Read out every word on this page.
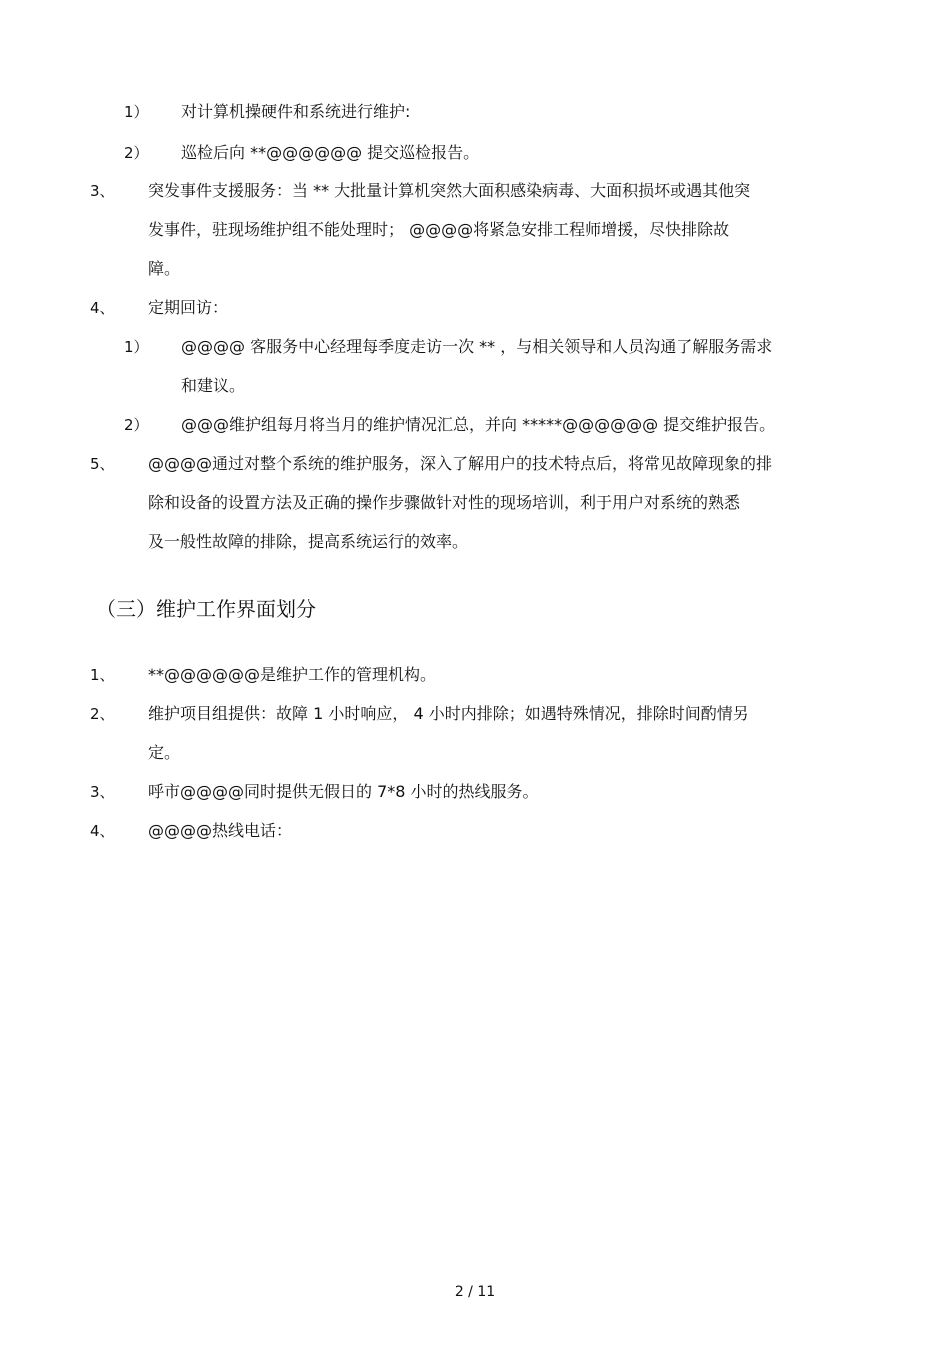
1） 对计算机操硬件和系统进行维护:
2） 巡检后向 **@@@@@@ 提交巡检报告。
3、 突发事件支援服务：当 ** 大批量计算机突然大面积感染病毒、大面积损坏或遇其他突
发事件，驻现场维护组不能处理时； @@@@将紧急安排工程师增援，尽快排除故
障。
4、 定期回访：
1） @@@@ 客服务中心经理每季度走访一次 ** ，与相关领导和人员沟通了解服务需求
和建议。
2） @@@维护组每月将当月的维护情况汇总，并向 *****@@@@@@ 提交维护报告。
5、 @@@@通过对整个系统的维护服务，深入了解用户的技术特点后，将常见故障现象的排
除和设备的设置方法及正确的操作步骤做针对性的现场培训，利于用户对系统的熟悉
及一般性故障的排除，提高系统运行的效率。
（三）维护工作界面划分
1、 **@@@@@@是维护工作的管理机构。
2、 维护项目组提供：故障 1 小时响应， 4 小时内排除；如遇特殊情况，排除时间酌情另
定。
3、 呼市@@@@同时提供无假日的 7*8 小时的热线服务。
4、 @@@@热线电话：
2 / 11
